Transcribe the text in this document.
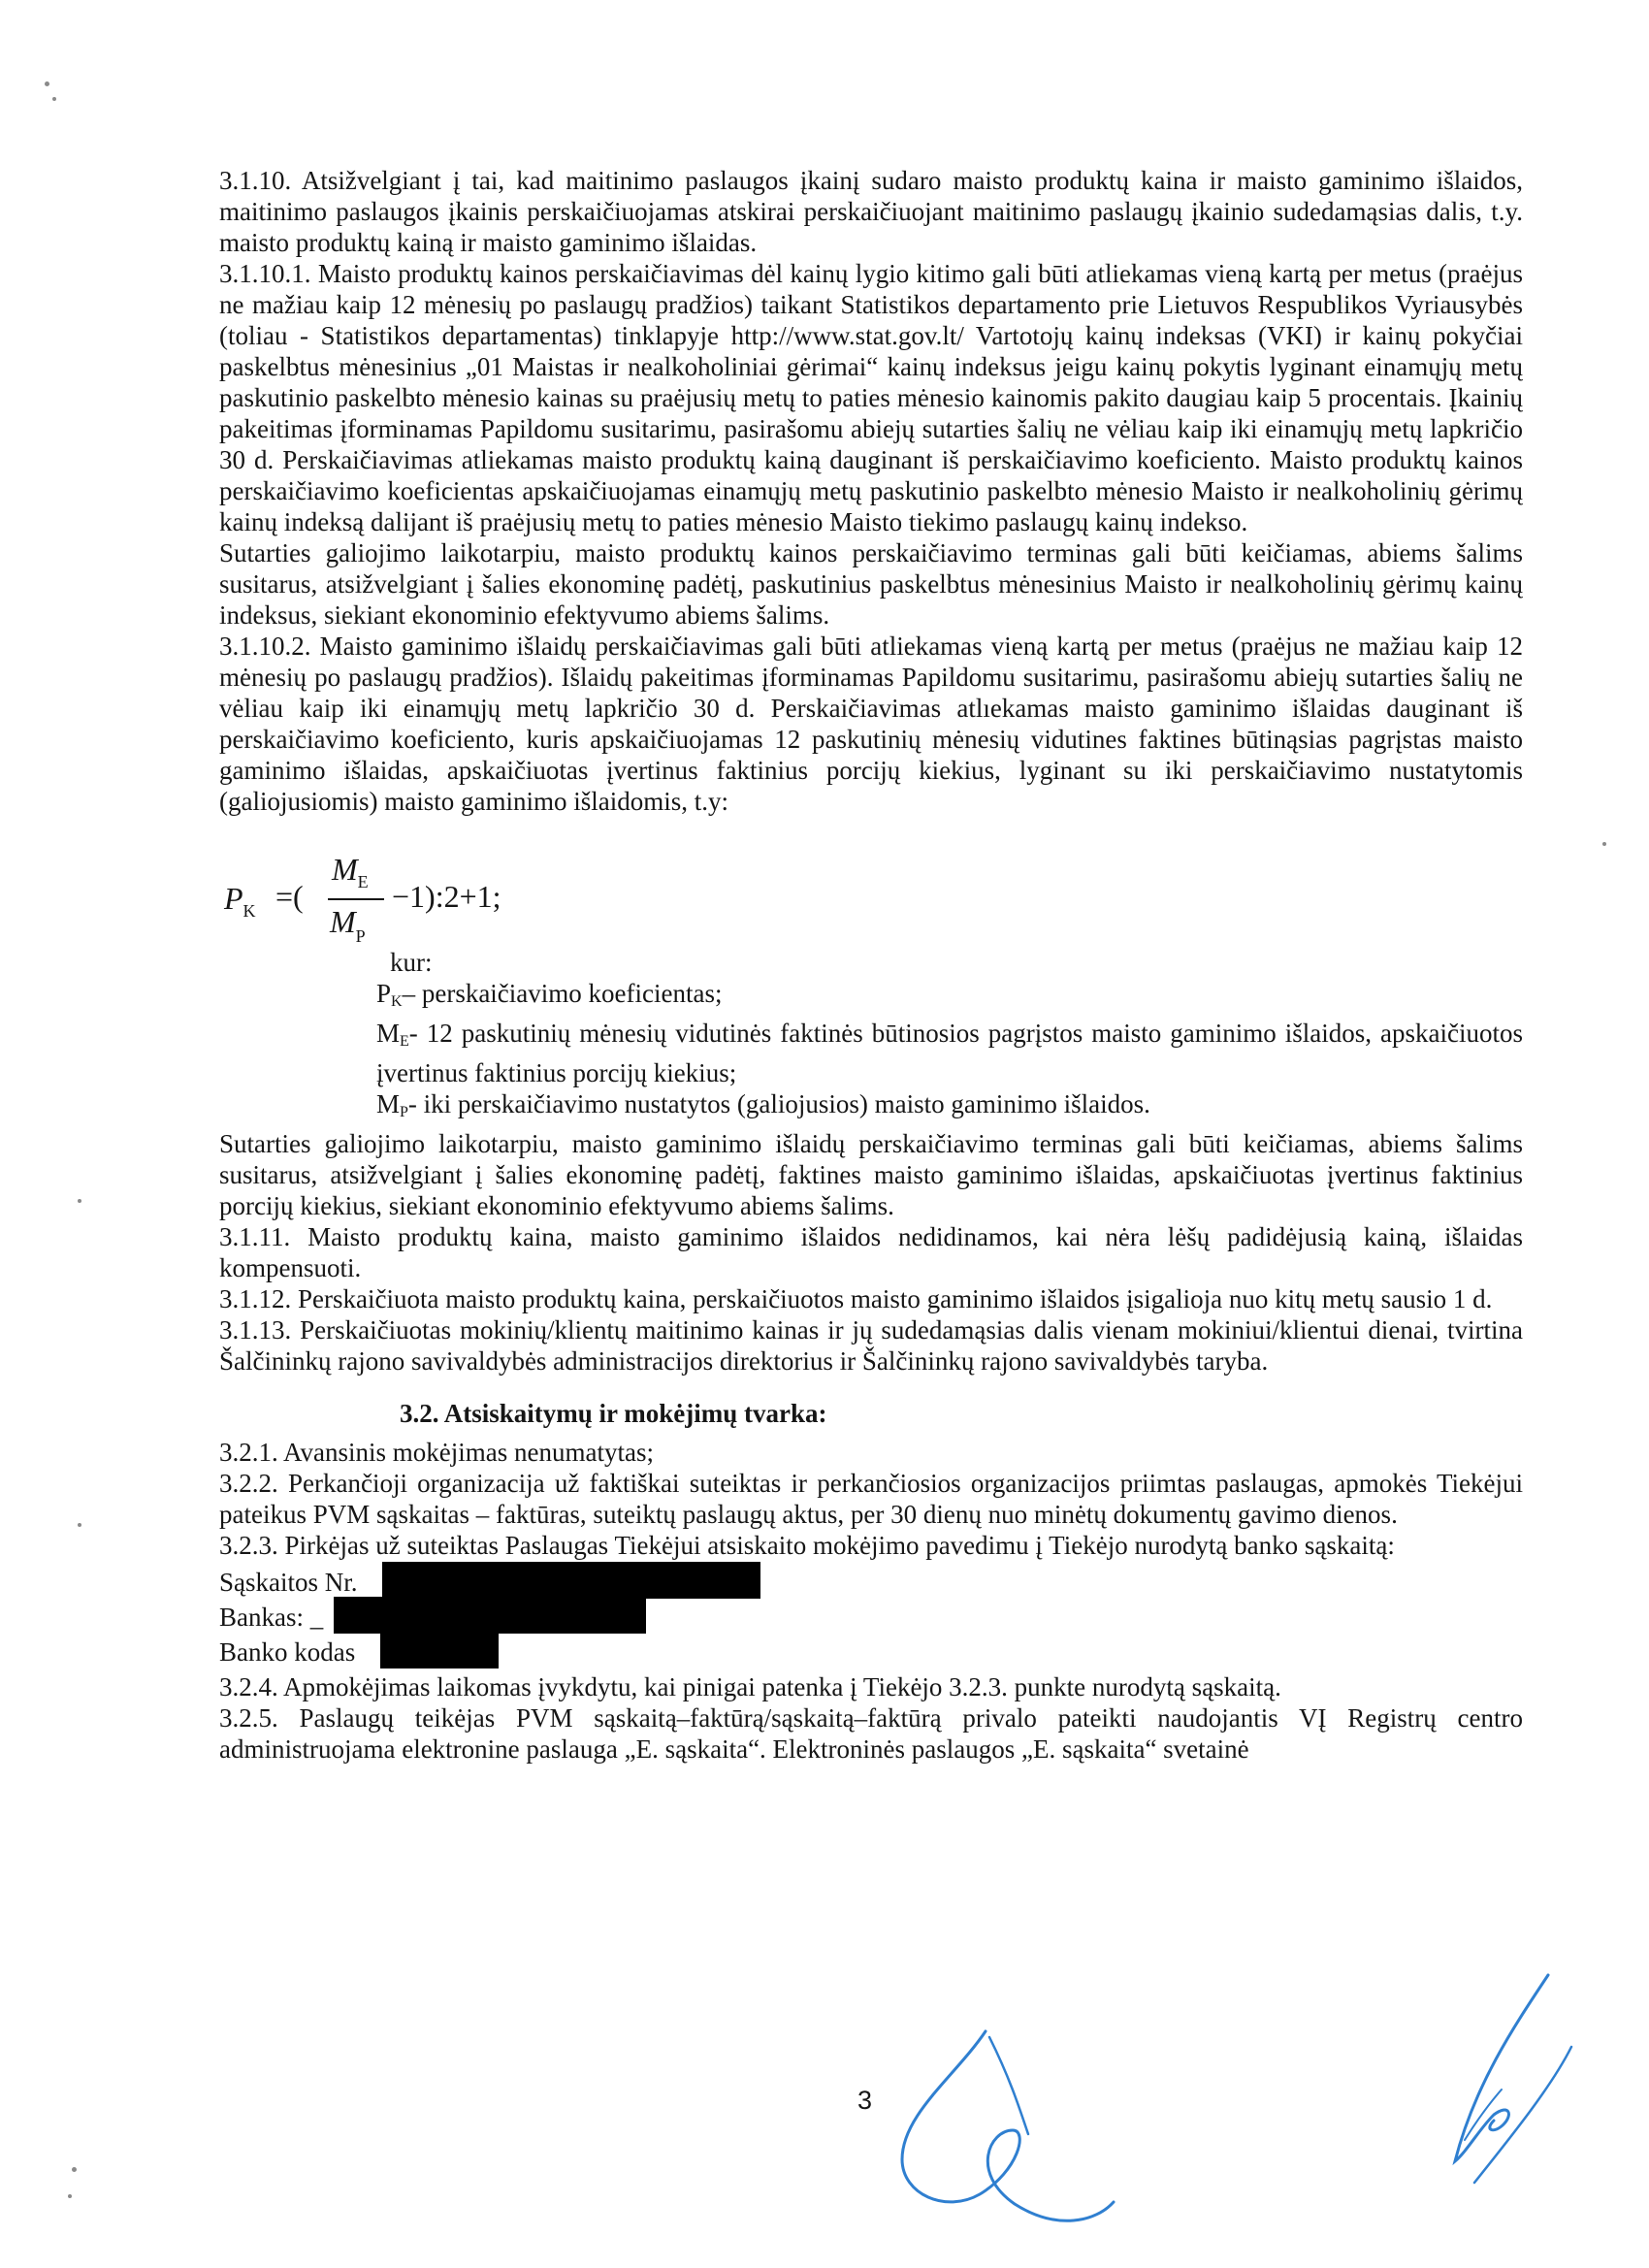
3.1.10. Atsižvelgiant į tai, kad maitinimo paslaugos įkainį sudaro maisto produktų kaina ir maisto gaminimo išlaidos, maitinimo paslaugos įkainis perskaičiuojamas atskirai perskaičiuojant maitinimo paslaugų įkainio sudedamąsias dalis, t.y. maisto produktų kainą ir maisto gaminimo išlaidas.

3.1.10.1. Maisto produktų kainos perskaičiavimas dėl kainų lygio kitimo gali būti atliekamas vieną kartą per metus (praėjus ne mažiau kaip 12 mėnesių po paslaugų pradžios) taikant Statistikos departamento prie Lietuvos Respublikos Vyriausybės (toliau - Statistikos departamentas) tinklapyje http://www.stat.gov.lt/ Vartotojų kainų indeksas (VKI) ir kainų pokyčiai paskelbtus mėnesinius „01 Maistas ir nealkoholiniai gėrimai“ kainų indeksus jeigu kainų pokytis lyginant einamųjų metų paskutinio paskelbto mėnesio kainas su praėjusių metų to paties mėnesio kainomis pakito daugiau kaip 5 procentais. Įkainių pakeitimas įforminamas Papildomu susitarimu, pasirašomu abiejų sutarties šalių ne vėliau kaip iki einamųjų metų lapkričio 30 d. Perskaičiavimas atliekamas maisto produktų kainą dauginant iš perskaičiavimo koeficiento. Maisto produktų kainos perskaičiavimo koeficientas apskaičiuojamas einamųjų metų paskutinio paskelbto mėnesio Maisto ir nealkoholinių gėrimų kainų indeksą dalijant iš praėjusių metų to paties mėnesio Maisto tiekimo paslaugų kainų indekso.

Sutarties galiojimo laikotarpiu, maisto produktų kainos perskaičiavimo terminas gali būti keičiamas, abiems šalims susitarus, atsižvelgiant į šalies ekonominę padėtį, paskutinius paskelbtus mėnesinius Maisto ir nealkoholinių gėrimų kainų indeksus, siekiant ekonominio efektyvumo abiems šalims.

3.1.10.2. Maisto gaminimo išlaidų perskaičiavimas gali būti atliekamas vieną kartą per metus (praėjus ne mažiau kaip 12 mėnesių po paslaugų pradžios). Išlaidų pakeitimas įforminamas Papildomu susitarimu, pasirašomu abiejų sutarties šalių ne vėliau kaip iki einamųjų metų lapkričio 30 d. Perskaičiavimas atlıekamas maisto gaminimo išlaidas dauginant iš perskaičiavimo koeficiento, kuris apskaičiuojamas 12 paskutinių mėnesių vidutines faktines būtinąsias pagrįstas maisto gaminimo išlaidas, apskaičiuotas įvertinus faktinius porcijų kiekius, lyginant su iki perskaičiavimo nustatytomis (galiojusiomis) maisto gaminimo išlaidomis, t.y:

$P_K$ =(
$M_E$
$M_P$
−1):2+1;

kur:

$P_K-$ perskaičiavimo koeficientas;

$M_E-$ 12 paskutinių mėnesių vidutinės faktinės būtinosios pagrįstos maisto gaminimo išlaidos, apskaičiuotos įvertinus faktinius porcijų kiekius;

$M_P-$ iki perskaičiavimo nustatytos (galiojusios) maisto gaminimo išlaidos.

Sutarties galiojimo laikotarpiu, maisto gaminimo išlaidų perskaičiavimo terminas gali būti keičiamas, abiems šalims susitarus, atsižvelgiant į šalies ekonominę padėtį, faktines maisto gaminimo išlaidas, apskaičiuotas įvertinus faktinius porcijų kiekius, siekiant ekonominio efektyvumo abiems šalims.

3.1.11. Maisto produktų kaina, maisto gaminimo išlaidos nedidinamos, kai nėra lėšų padidėjusią kainą, išlaidas kompensuoti.

3.1.12. Perskaičiuota maisto produktų kaina, perskaičiuotos maisto gaminimo išlaidos įsigalioja nuo kitų metų sausio 1 d.

3.1.13. Perskaičiuotas mokinių/klientų maitinimo kainas ir jų sudedamąsias dalis vienam mokiniui/klientui dienai, tvirtina Šalčininkų rajono savivaldybės administracijos direktorius ir Šalčininkų rajono savivaldybės taryba.

3.2. Atsiskaitymų ir mokėjimų tvarka:

3.2.1. Avansinis mokėjimas nenumatytas;

3.2.2. Perkančioji organizacija už faktiškai suteiktas ir perkančiosios organizacijos priimtas paslaugas, apmokės Tiekėjui pateikus PVM sąskaitas – faktūras, suteiktų paslaugų aktus, per 30 dienų nuo minėtų dokumentų gavimo dienos.

3.2.3. Pirkėjas už suteiktas Paslaugas Tiekėjui atsiskaito mokėjimo pavedimu į Tiekėjo nurodytą banko sąskaitą:

Sąskaitos Nr.
Bankas: _
Banko kodas

3.2.4. Apmokėjimas laikomas įvykdytu, kai pinigai patenka į Tiekėjo 3.2.3. punkte nurodytą sąskaitą.

3.2.5. Paslaugų teikėjas PVM sąskaitą–faktūrą/sąskaitą–faktūrą privalo pateikti naudojantis VĮ Registrų centro administruojama elektronine paslauga „E. sąskaita“. Elektroninės paslaugos „E. sąskaita“ svetainė

3
